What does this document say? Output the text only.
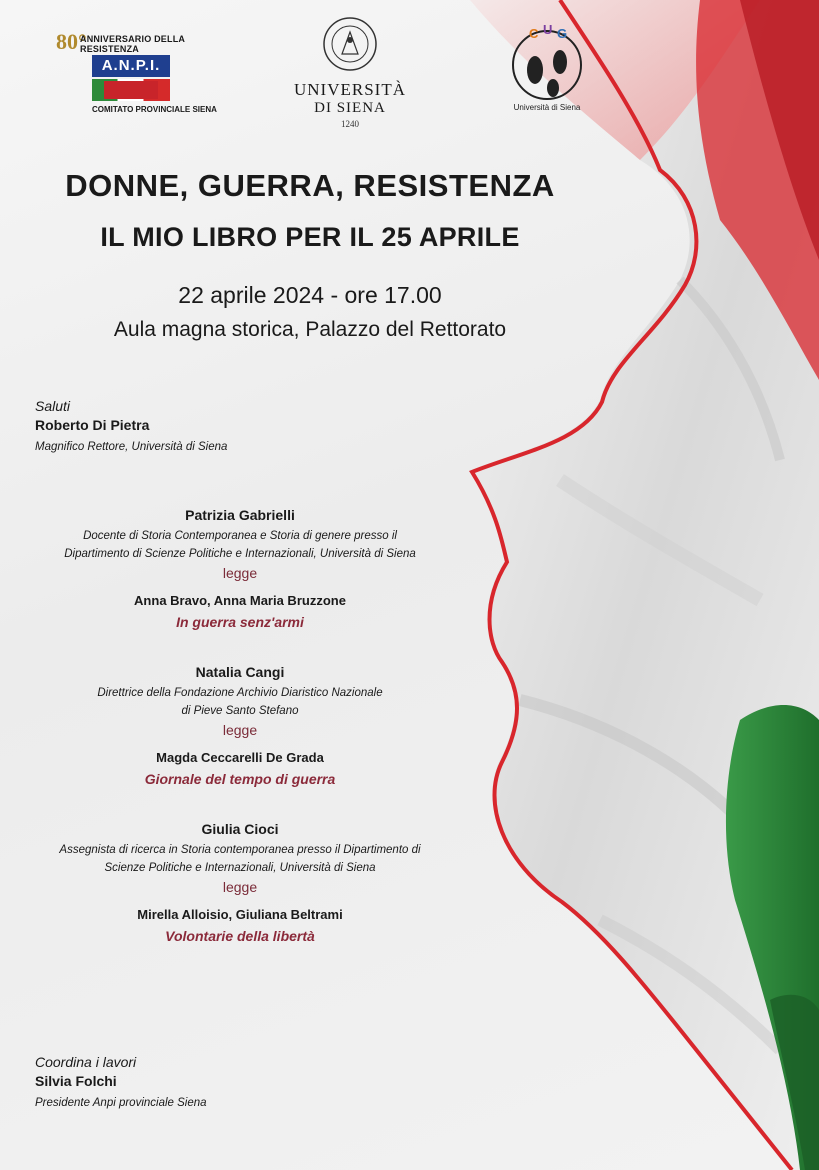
80°
ANNIVERSARIO DELLA RESISTENZA
A.N.P.I.
COMITATO PROVINCIALE SIENA
UNIVERSITÀ
DI SIENA
1240
C U G
Università di Siena
DONNE, GUERRA, RESISTENZA
IL MIO LIBRO PER IL 25 APRILE
22 aprile 2024 - ore 17.00
Aula magna storica, Palazzo del Rettorato
Saluti
Roberto Di Pietra
Magnifico Rettore, Università di Siena
Patrizia Gabrielli
Docente di Storia Contemporanea e Storia di genere presso il
Dipartimento di Scienze Politiche e Internazionali, Università di Siena
legge
Anna Bravo, Anna Maria Bruzzone
In guerra senz'armi
Natalia Cangi
Direttrice della Fondazione Archivio Diaristico Nazionale
di Pieve Santo Stefano
legge
Magda Ceccarelli De Grada
Giornale del tempo di guerra
Giulia Cioci
Assegnista di ricerca in Storia contemporanea presso il Dipartimento di
Scienze Politiche e Internazionali, Università di Siena
legge
Mirella Alloisio, Giuliana Beltrami
Volontarie della libertà
Coordina i lavori
Silvia Folchi
Presidente Anpi provinciale Siena
